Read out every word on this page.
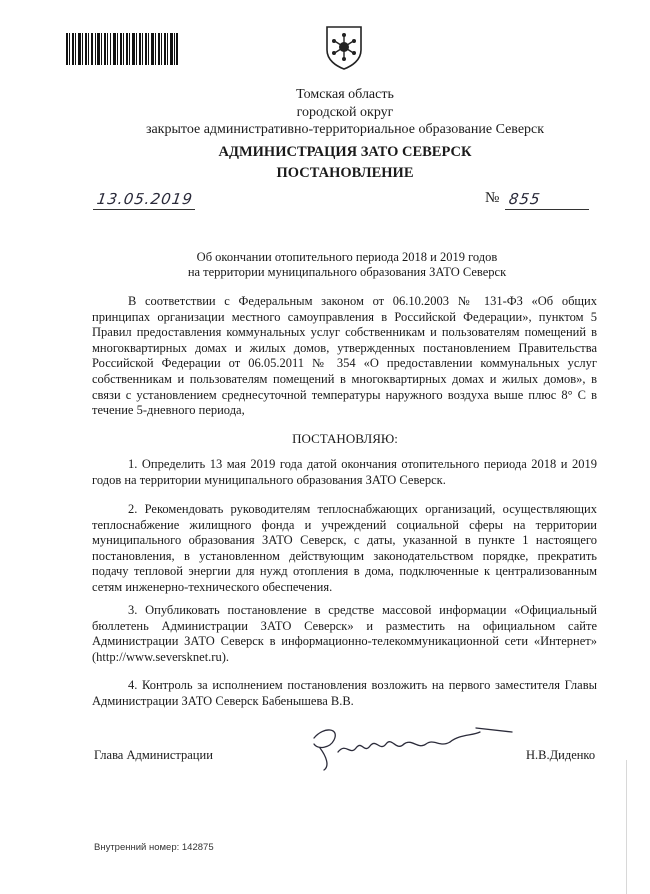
Томская область
городской округ
закрытое административно-территориальное образование Северск
АДМИНИСТРАЦИЯ ЗАТО СЕВЕРСК
ПОСТАНОВЛЕНИЕ
13.05.2019	№ 855
Об окончании отопительного периода 2018 и 2019 годов
на территории муниципального образования ЗАТО Северск
В соответствии с Федеральным законом от 06.10.2003 № 131-ФЗ «Об общих принципах организации местного самоуправления в Российской Федерации», пунктом 5 Правил предоставления коммунальных услуг собственникам и пользователям помещений в многоквартирных домах и жилых домов, утвержденных постановлением Правительства Российской Федерации от 06.05.2011 № 354 «О предоставлении коммунальных услуг собственникам и пользователям помещений в многоквартирных домах и жилых домов», в связи с установлением среднесуточной температуры наружного воздуха выше плюс 8° С в течение 5-дневного периода,
ПОСТАНОВЛЯЮ:
1. Определить 13 мая 2019 года датой окончания отопительного периода 2018 и 2019 годов на территории муниципального образования ЗАТО Северск.
2. Рекомендовать руководителям теплоснабжающих организаций, осуществляющих теплоснабжение жилищного фонда и учреждений социальной сферы на территории муниципального образования ЗАТО Северск, с даты, указанной в пункте 1 настоящего постановления, в установленном действующим законодательством порядке, прекратить подачу тепловой энергии для нужд отопления в дома, подключенные к централизованным сетям инженерно-технического обеспечения.
3. Опубликовать постановление в средстве массовой информации «Официальный бюллетень Администрации ЗАТО Северск» и разместить на официальном сайте Администрации ЗАТО Северск в информационно-телекоммуникационной сети «Интернет» (http://www.seversknet.ru).
4. Контроль за исполнением постановления возложить на первого заместителя Главы Администрации ЗАТО Северск Бабенышева В.В.
Глава Администрации	Н.В.Диденко
Внутренний номер: 142875
